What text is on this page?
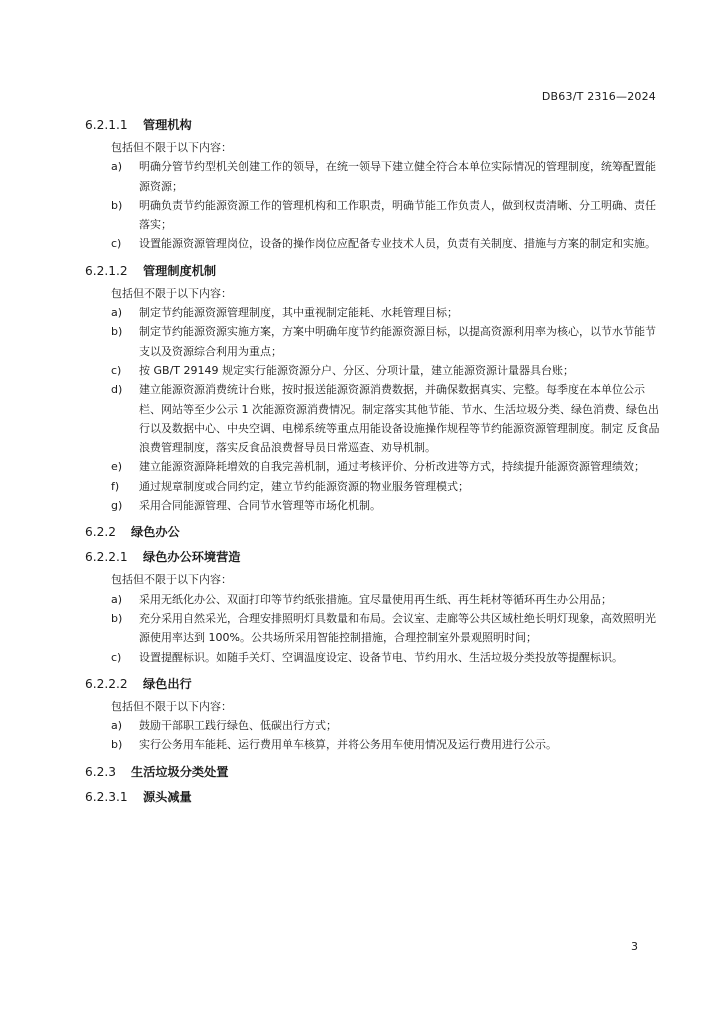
DB63/T 2316—2024
6.2.1.1 管理机构
包括但不限于以下内容：
a) 明确分管节约型机关创建工作的领导，在统一领导下建立健全符合本单位实际情况的管理制度，统筹配置能源资源；
b) 明确负责节约能源资源工作的管理机构和工作职责，明确节能工作负责人，做到权责清晰、分工明确、责任落实；
c) 设置能源资源管理岗位，设备的操作岗位应配备专业技术人员，负责有关制度、措施与方案的制定和实施。
6.2.1.2 管理制度机制
包括但不限于以下内容：
a) 制定节约能源资源管理制度，其中重视制定能耗、水耗管理目标；
b) 制定节约能源资源实施方案，方案中明确年度节约能源资源目标，以提高资源利用率为核心，以节水节能节支以及资源综合利用为重点；
c) 按 GB/T 29149 规定实行能源资源分户、分区、分项计量，建立能源资源计量器具台账；
d) 建立能源资源消费统计台账，按时报送能源资源消费数据，并确保数据真实、完整。每季度在本单位公示栏、网站等至少公示 1 次能源资源消费情况。制定落实其他节能、节水、生活垃圾分类、绿色消费、绿色出行以及数据中心、中央空调、电梯系统等重点用能设备设施操作规程等节约能源资源管理制度。制定 反食品浪费管理制度，落实反食品浪费督导员日常巡查、劝导机制。
e) 建立能源资源降耗增效的自我完善机制，通过考核评价、分析改进等方式，持续提升能源资源管理绩效；
f) 通过规章制度或合同约定，建立节约能源资源的物业服务管理模式；
g) 采用合同能源管理、合同节水管理等市场化机制。
6.2.2 绿色办公
6.2.2.1 绿色办公环境营造
包括但不限于以下内容：
a) 采用无纸化办公、双面打印等节约纸张措施。宜尽量使用再生纸、再生耗材等循环再生办公用品；
b) 充分采用自然采光，合理安排照明灯具数量和布局。会议室、走廊等公共区域杜绝长明灯现象，高效照明光源使用率达到 100%。公共场所采用智能控制措施，合理控制室外景观照明时间；
c) 设置提醒标识。如随手关灯、空调温度设定、设备节电、节约用水、生活垃圾分类投放等提醒标识。
6.2.2.2 绿色出行
包括但不限于以下内容：
a) 鼓励干部职工践行绿色、低碳出行方式；
b) 实行公务用车能耗、运行费用单车核算，并将公务用车使用情况及运行费用进行公示。
6.2.3 生活垃圾分类处置
6.2.3.1 源头减量
3
